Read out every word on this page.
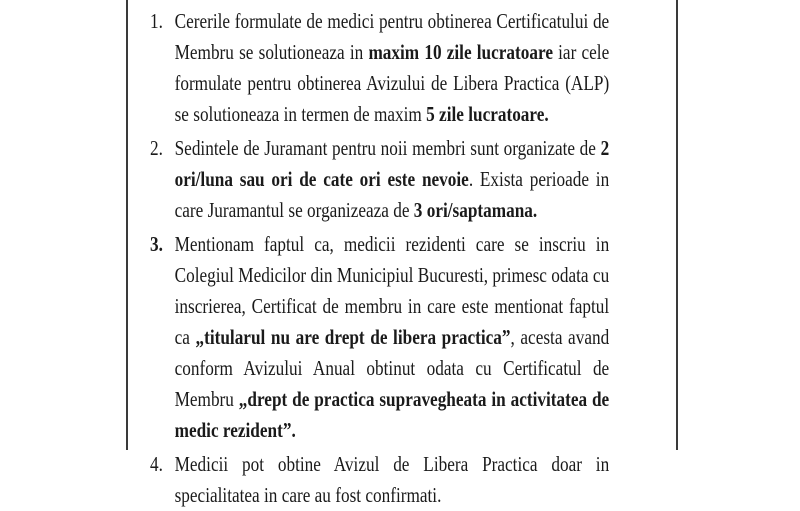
1. Cererile formulate de medici pentru obtinerea Certificatului de Membru se solutioneaza in maxim 10 zile lucratoare iar cele formulate pentru obtinerea Avizului de Libera Practica (ALP) se solutioneaza in termen de maxim 5 zile lucratoare.
2. Sedintele de Juramant pentru noii membri sunt organizate de 2 ori/luna sau ori de cate ori este nevoie. Exista perioade in care Juramantul se organizeaza de 3 ori/saptamana.
3. Mentionam faptul ca, medicii rezidenti care se inscriu in Colegiul Medicilor din Municipiul Bucuresti, primesc odata cu inscrierea, Certificat de membru in care este mentionat faptul ca „titularul nu are drept de libera practica”, acesta avand conform Avizului Anual obtinut odata cu Certificatul de Membru „drept de practica supravegheata in activitatea de medic rezident”.
4. Medicii pot obtine Avizul de Libera Practica doar in specialitatea in care au fost confirmati.
